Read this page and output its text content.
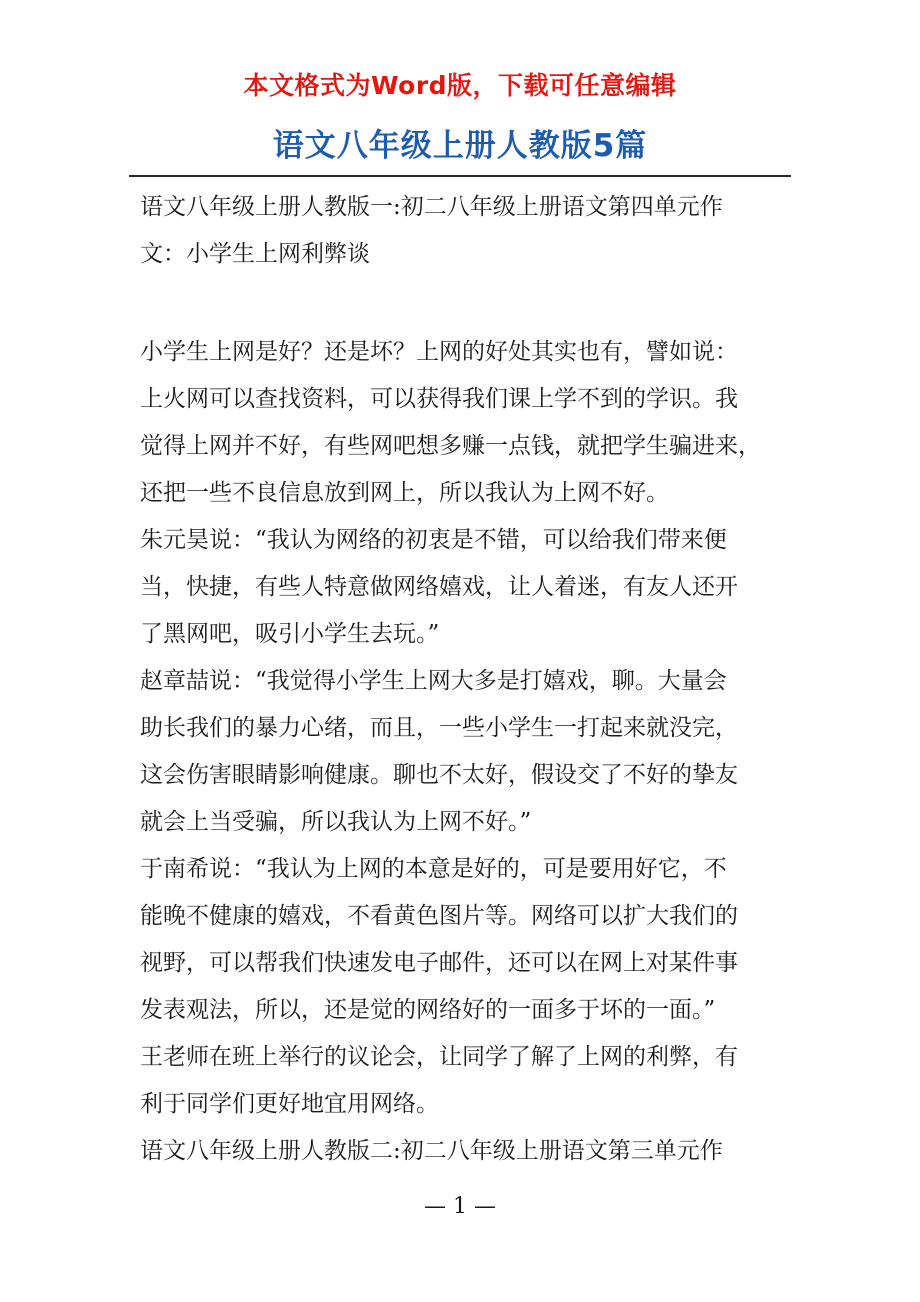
本文格式为Word版，下载可任意编辑
语文八年级上册人教版5篇
语文八年级上册人教版一:初二八年级上册语文第四单元作
文：小学生上网利弊谈
小学生上网是好？还是坏？上网的好处其实也有，譬如说：
上火网可以查找资料，可以获得我们课上学不到的学识。我
觉得上网并不好，有些网吧想多赚一点钱，就把学生骗进来，
还把一些不良信息放到网上，所以我认为上网不好。
朱元昊说：“我认为网络的初衷是不错，可以给我们带来便
当，快捷，有些人特意做网络嬉戏，让人着迷，有友人还开
了黑网吧，吸引小学生去玩。”
赵章喆说：“我觉得小学生上网大多是打嬉戏，聊。大量会
助长我们的暴力心绪，而且，一些小学生一打起来就没完，
这会伤害眼睛影响健康。聊也不太好，假设交了不好的挚友
就会上当受骗，所以我认为上网不好。”
于南希说：“我认为上网的本意是好的，可是要用好它，不
能晚不健康的嬉戏，不看黄色图片等。网络可以扩大我们的
视野，可以帮我们快速发电子邮件，还可以在网上对某件事
发表观法，所以，还是觉的网络好的一面多于坏的一面。”
王老师在班上举行的议论会，让同学了解了上网的利弊，有
利于同学们更好地宜用网络。
语文八年级上册人教版二:初二八年级上册语文第三单元作
— 1 —
